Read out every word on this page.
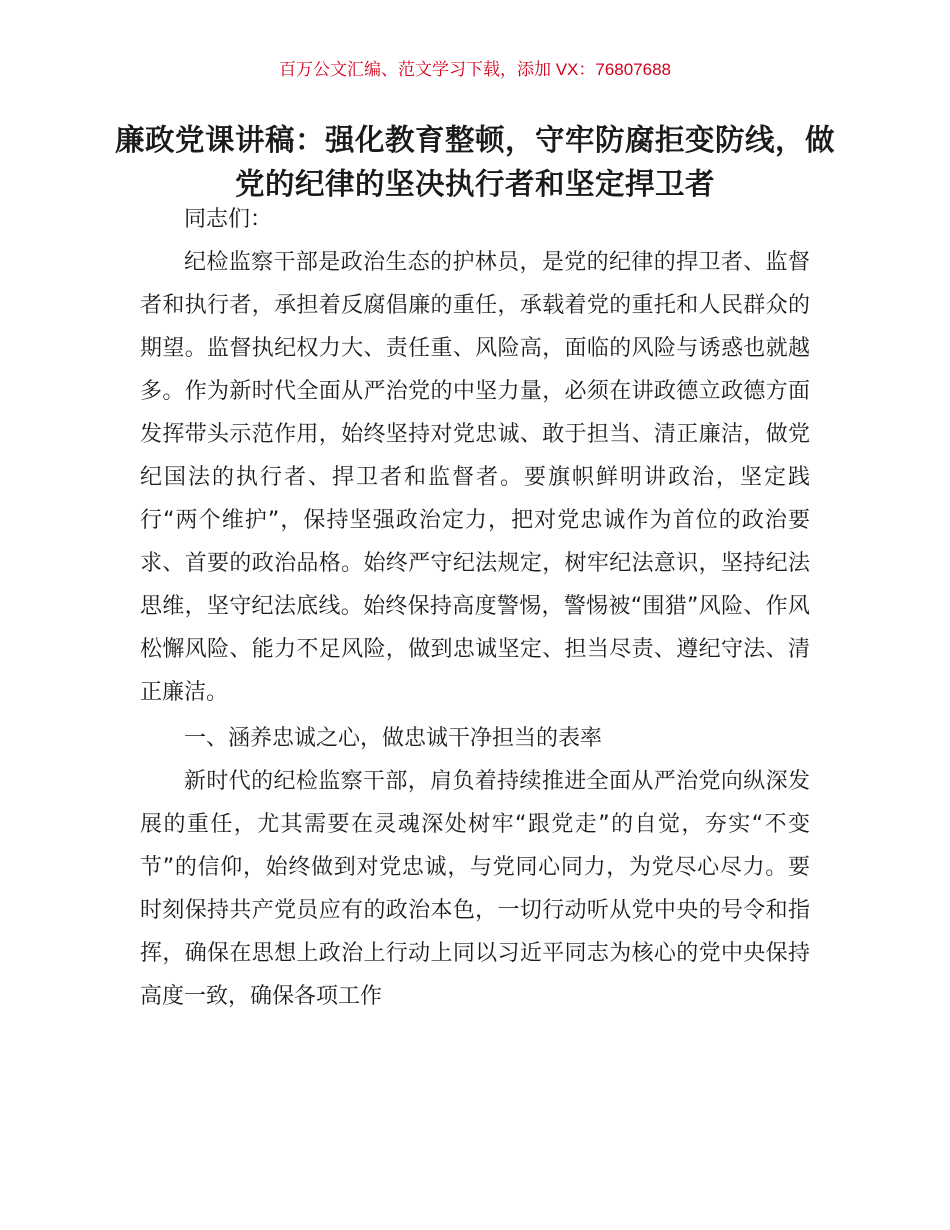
百万公文汇编、范文学习下载，添加 VX：76807688
廉政党课讲稿：强化教育整顿，守牢防腐拒变防线，做党的纪律的坚决执行者和坚定捍卫者

同志们：

纪检监察干部是政治生态的护林员，是党的纪律的捍卫者、监督者和执行者，承担着反腐倡廉的重任，承载着党的重托和人民群众的期望。监督执纪权力大、责任重、风险高，面临的风险与诱惑也就越多。作为新时代全面从严治党的中坚力量，必须在讲政德立政德方面发挥带头示范作用，始终坚持对党忠诚、敢于担当、清正廉洁，做党纪国法的执行者、捍卫者和监督者。要旗帜鲜明讲政治，坚定践行“两个维护”，保持坚强政治定力，把对党忠诚作为首位的政治要求、首要的政治品格。始终严守纪法规定，树牢纪法意识，坚持纪法思维，坚守纪法底线。始终保持高度警惕，警惕被“围猎”风险、作风松懈风险、能力不足风险，做到忠诚坚定、担当尽责、遵纪守法、清正廉洁。

一、涵养忠诚之心，做忠诚干净担当的表率

新时代的纪检监察干部，肩负着持续推进全面从严治党向纵深发展的重任，尤其需要在灵魂深处树牢“跟党走”的自觉，夯实“不变节”的信仰，始终做到对党忠诚，与党同心同力，为党尽心尽力。要时刻保持共产党员应有的政治本色，一切行动听从党中央的号令和指挥，确保在思想上政治上行动上同以习近平同志为核心的党中央保持高度一致，确保各项工作
